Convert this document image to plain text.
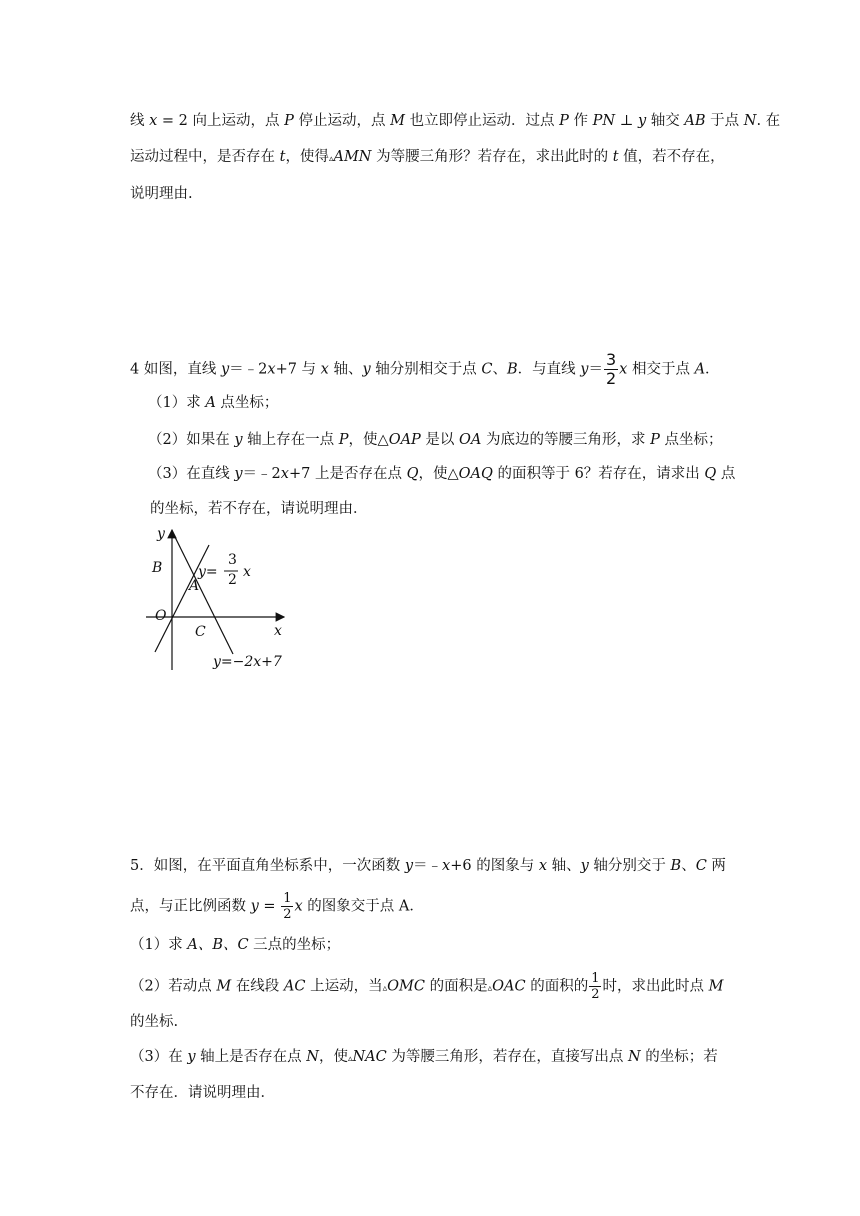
线 x = 2 向上运动，点 P 停止运动，点 M 也立即停止运动．过点 P 作 PN ⊥ y 轴交 AB 于点 N. 在
运动过程中，是否存在 t，使得▵AMN 为等腰三角形？若存在，求出此时的 t 值，若不存在，
说明理由.
4 如图，直线 y＝﹣2x+7 与 x 轴、y 轴分别相交于点 C、B．与直线 $y= \frac{3}{2}$ x 相交于点 A．
（1）求 A 点坐标；
（2）如果在 y 轴上存在一点 P，使△OAP 是以 OA 为底边的等腰三角形，求 P 点坐标；
（3）在直线 y＝﹣2x+7 上是否存在点 Q，使△OAQ 的面积等于 6？若存在，请求出 Q 点
的坐标，若不存在，请说明理由．
y
x
B
A
O
C
y=
3
2 x
y=−2x+7
5．如图，在平面直角坐标系中，一次函数 y＝﹣x+6 的图象与 x 轴、y 轴分别交于 B、C 两
点，与正比例函数 $y = \frac{1}{2}$ x 的图象交于点 A．
（1）求 A、B、C 三点的坐标；
（2）若动点 M 在线段 AC 上运动，当▵OMC 的面积是▵OAC 的面积的 $\frac{1}{2}$ 时，求出此时点 M
的坐标.
（3）在 y 轴上是否存在点 N，使▵NAC 为等腰三角形，若存在，直接写出点 N 的坐标；若
不存在．请说明理由．
